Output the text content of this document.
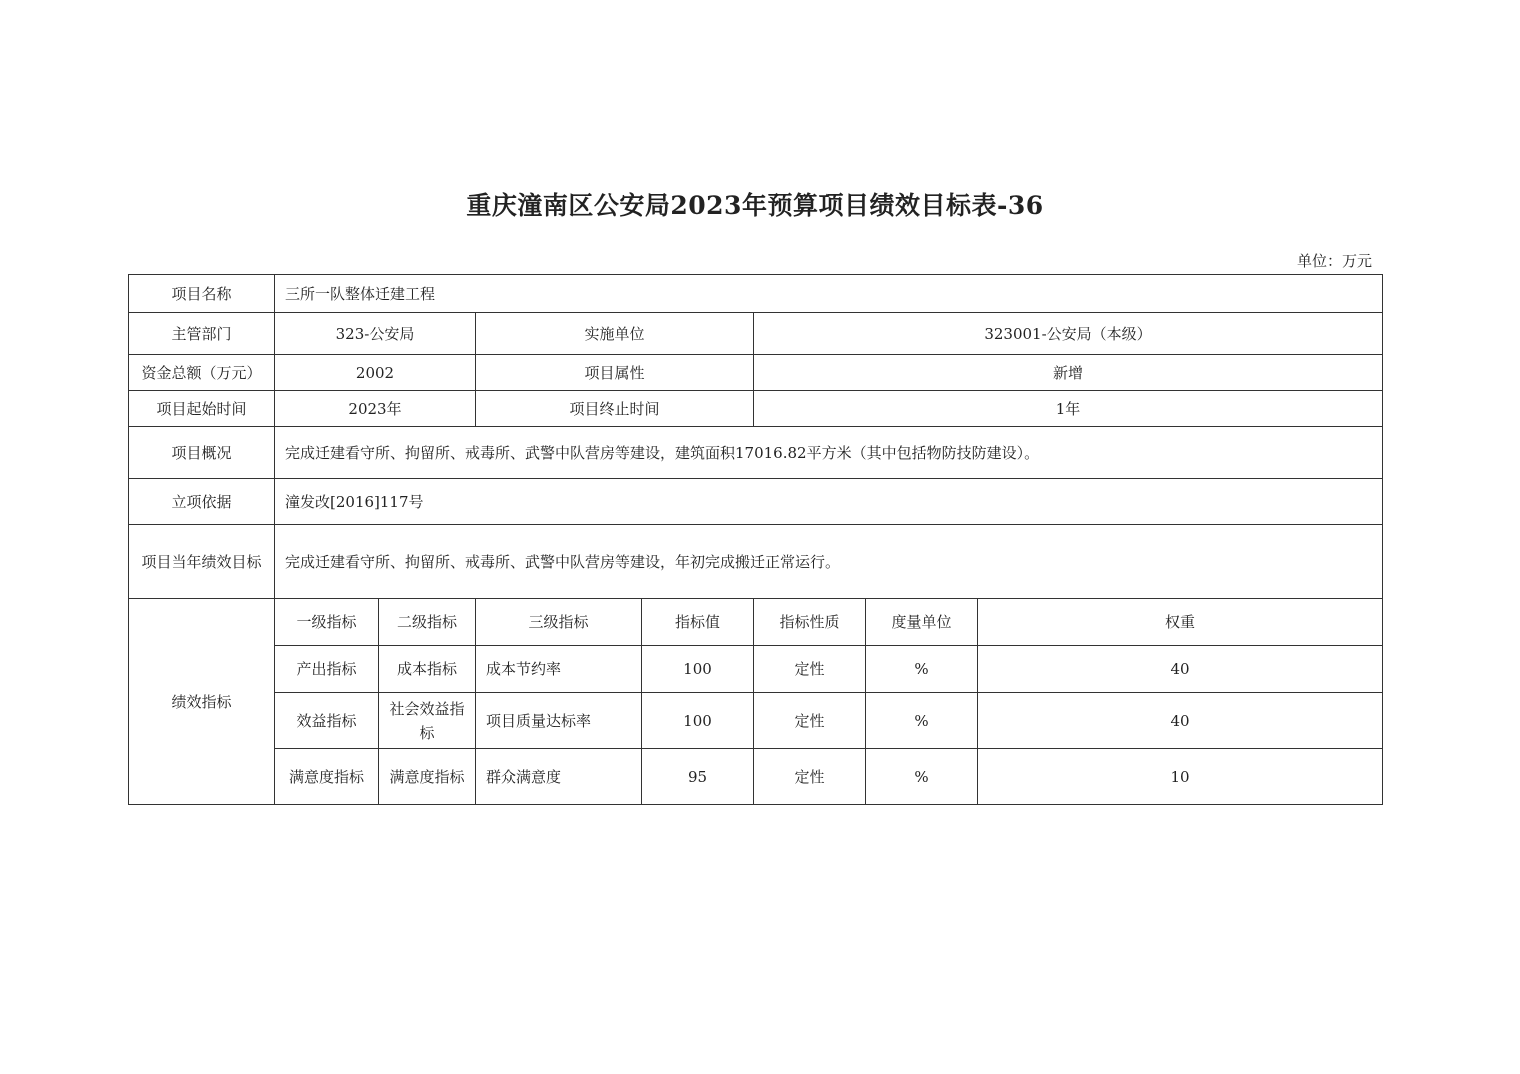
重庆潼南区公安局2023年预算项目绩效目标表-36
单位：万元
项目名称	三所一队整体迁建工程						
主管部门	323-公安局		实施单位		323001-公安局（本级）		
资金总额（万元）	2002		项目属性		新增		
项目起始时间	2023年		项目终止时间		1年		
项目概况	完成迁建看守所、拘留所、戒毒所、武警中队营房等建设，建筑面积17016.82平方米（其中包括物防技防建设）。						
立项依据	潼发改[2016]117号						
项目当年绩效目标	完成迁建看守所、拘留所、戒毒所、武警中队营房等建设，年初完成搬迁正常运行。						
绩效指标	一级指标	二级指标	三级指标	指标值	指标性质	度量单位	权重
	产出指标	成本指标	成本节约率	100	定性	%	40
	效益指标	社会效益指标	项目质量达标率	100	定性	%	40
	满意度指标	满意度指标	群众满意度	95	定性	%	10
